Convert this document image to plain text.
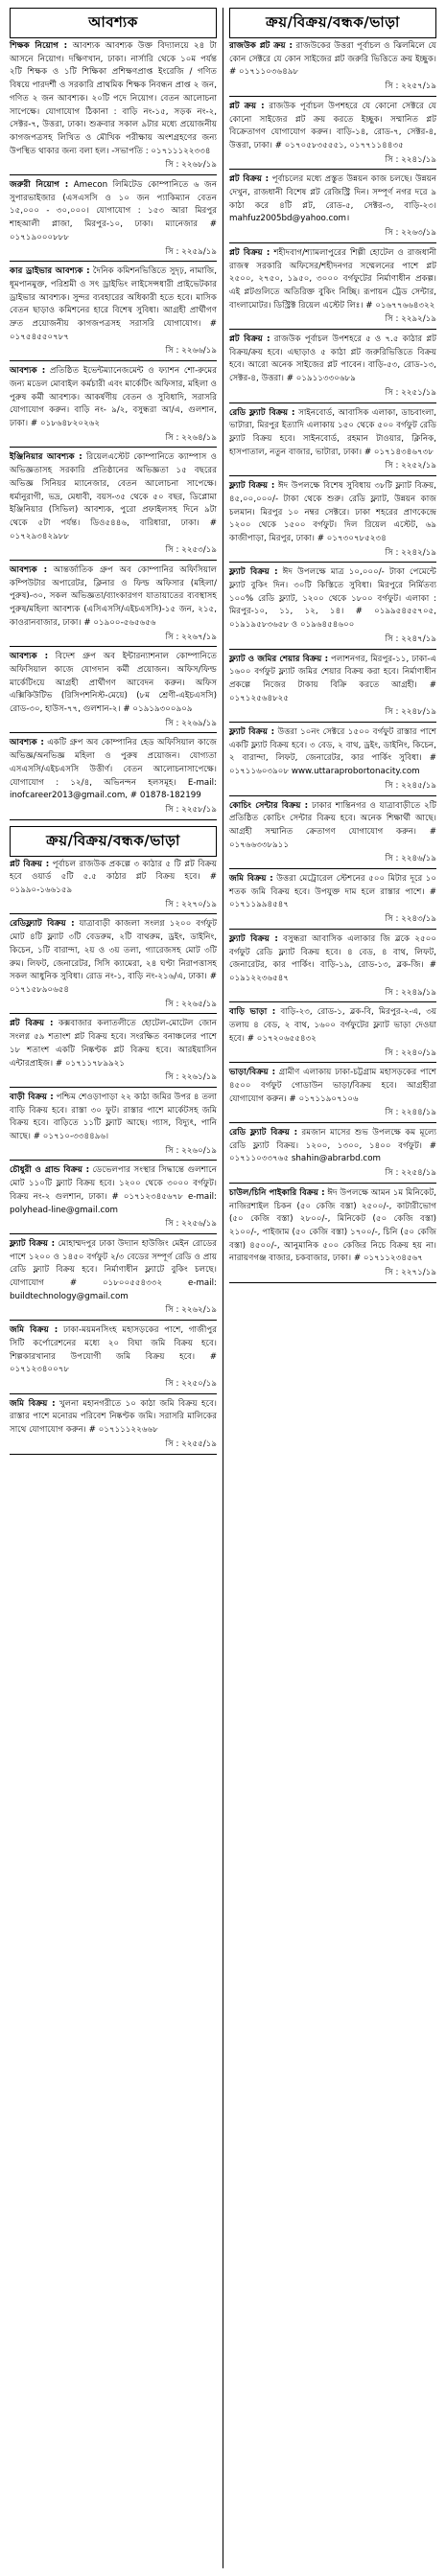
আবশ্যক
শিক্ষক নিয়োগ : আবশ্যক আবশ্যক উক্ত বিদ্যালয়ে ২৪ টা আসনে নিয়োগ। দক্ষিণখান, ঢাকা। নার্সারি থেকে ১০ম পর্যন্ত ২টি শিক্ষক ও ১টি শিক্ষিকা প্রশিক্ষণপ্রাপ্ত ইংরেজি / গণিত বিষয়ে পারদর্শী ও সরকারি প্রাথমিক শিক্ষক নিবন্ধন প্রাপ্ত ২ জন, গণিত ২ জন আবশ্যক। ২০টি পদে নিয়োগ। বেতন আলোচনা সাপেক্ষে। যোগাযোগ ঠিকানা : বাড়ি নং-১৫, সড়ক নং-২, সেক্টর-৭, উত্তরা, ঢাকা। শুক্রবার সকাল ৯টার মধ্যে প্রয়োজনীয় কাগজপত্রসহ লিখিত ও মৌখিক পরীক্ষায় অংশগ্রহণের জন্য উপস্থিত থাকার জন্য বলা হল। -সভাপতি : ০১৭১১১২২৩৩৪
সি : ২২৬৮/১৯
জরুরী নিয়োগ : Amecon লিমিটেড কোম্পানিতে ৬ জন সুপারভাইজার (এসএসসি ও ১০ জন প্যাকিম্যান বেতন ১৫,০০০ - ৩০,০০০। যোগাযোগ : ১৫৩ আরা মিরপুর শাহআলী প্লাজা, মিরপুর-১০, ঢাকা। ম্যানেজার # ০১৭১৯০০০৮৮৮
সি : ২২৫৯/১৯
কার ড্রাইভার আবশ্যক : দৈনিক কমিশনভিত্তিতে সুদৃঢ়, নামাজি, ধূমপানমুক্ত, পরিশ্রমী ও সৎ ড্রাইভিং লাইসেন্সধারী প্রাইভেটকার ড্রাইভার আবশ্যক। সুন্দর ব্যবহারের অধিকারী হতে হবে। মাসিক বেতন ছাড়াও কমিশনের হারে বিশেষ সুবিধা। আগ্রহী প্রার্থীগণ দ্রুত প্রয়োজনীয় কাগজপত্রসহ সরাসরি যোগাযোগ। # ০১৭৫৪৫৫০৭৮৭
সি : ২২৬৬/১৯
আবশ্যক : প্রতিষ্ঠিত ইভেন্টম্যানেজমেন্ট ও ফ্যাশন শো-রুমের জন্য মডেল মোবাইল কর্মচারী এবং মার্কেটিং অফিসার, মহিলা ও পুরুষ কর্মী আবশ্যক। আকর্ষণীয় বেতন ও সুবিধাদি, সরাসরি যোগাযোগ করুন। বাড়ি নং- ৯/২, বসুন্ধরা আ/এ, গুলশান, ঢাকা। # ০১৮৬৪৮২০২৬২
সি : ২২৬৪/১৯
ইঞ্জিনিয়ার আবশ্যক : রিয়েলএস্টেট কোম্পানিতে ক্যাম্পাস ও অভিজ্ঞতাসহ সরকারি প্রতিষ্ঠানের অভিজ্ঞতা ১৫ বছরের অভিজ্ঞ সিনিয়র ম্যানেজার, বেতন আলোচনা সাপেক্ষে। ধর্মানুরাগী, ভদ্র, মেধাবী, বয়স-৩৫ থেকে ৫০ বছর, ডিপ্লোমা ইঞ্জিনিয়ার (সিভিল) আবশ্যক, পুরো প্রফাইলসহ দিনে ৯টা থেকে ৫টা পর্যন্ত। ডিও৫৪৪৬, বারিধারা, ঢাকা। # ০১৭২৯৩৪২৯৮৮
সি : ২২৫৩/১৯
আবশ্যক : আন্তর্জাতিক গ্রুপ অব কোম্পানির অফিসিয়াল কম্পিউটার অপারেটর, ক্লিনার ও ফিল্ড অফিসার (মহিলা/পুরুষ)-৩০, সকল অভিজ্ঞতা/ব্যাংকারগণ যাতায়াতের ব্যবস্থাসহ পুরুষ/মহিলা আবশ্যক (এসিএসসি/এইচএসসি)-১৫ জন, ২১৫, কাওরানবাজার, ঢাকা। # ০১৯০০-৫৬৫৬৫৬
সি : ২২৬৭/১৯
আবশ্যক : বিদেশ গ্রুপ অব ইন্টারন্যাশনাল কোম্পানিতে অফিসিয়াল কাজে যোগদান কর্মী প্রয়োজন। অফিস/ফিল্ড মার্কেটিংয়ে আগ্রহী প্রার্থীগণ আবেদন করুন। অফিস এক্সিকিউটিভ (রিসিপশনিস্ট-মেয়ে) (৮ম শ্রেণী-এইচএসসি) রোড-৩০, হাউস-৭৭, গুলশান-২। # ০১৯১৯৩০০৯০৯
সি : ২২৬৯/১৯
আবশ্যক : একটি গ্রুপ অব কোম্পানির হেড অফিসিয়াল কাজে অভিজ্ঞ/অনভিজ্ঞ মহিলা ও পুরুষ প্রয়োজন। যোগ্যতা এসএসসি/এইচএসসি উত্তীর্ণ। বেতন আলোচনাসাপেক্ষে। যোগাযোগ : ১২/৪, অভিনন্দন হলসমূহ। E-mail: inofcareer2013@gmail.com, # 01878-182199
সি : ২২৫৮/১৯
ক্রয়/বিক্রয়/বন্ধক/ভাড়া
প্লট বিক্রয় : পূর্বাচল রাজউক প্রকল্পে ৩ কাঠার ৫ টি প্লট বিক্রয় হবে ওয়ার্ড ৫টি ৫.৫ কাঠার প্লট বিক্রয় হবে। # ০১৯৯০-১৬৬১৫৯
সি : ২২৭০/১৯
রেডিফ্ল্যাট বিক্রয় : যাত্রাবাড়ী কাজলা সংলগ্ন ১২০০ বর্গফুট মোট ৪টি ফ্ল্যাট ৩টি বেডরুম, ২টি বাথরুম, ড্রইং, ডাইনিং, কিচেন, ১টি বারান্দা, ২য় ও ৩য় তলা, গ্যারেজসহ মোট ৩টি রুম। লিফট, জেনারেটর, সিসি ক্যামেরা, ২৪ ঘণ্টা নিরাপত্তাসহ সকল আধুনিক সুবিধা। রোড নং-১, বাড়ি নং-২১৬/এ, ঢাকা। # ০১৭১৫৮৯০৬৫৪
সি : ২২৬৫/১৯
প্লট বিক্রয় : কক্সবাজার কলাতলীতে হোটেল-মোটেল জোন সংলগ্ন ৫৯ শতাংশ প্লট বিক্রয় হবে। সংরক্ষিত বনাঞ্চলের পাশে ১৮ শতাংশ একটি নিষ্কণ্টক প্লট বিক্রয় হবে। আরইয়াসিন এন্টারপ্রাইজ। # ০১৭১১৭৮৯৯২১
সি : ২২৬১/১৯
বাড়ী বিক্রয় : পশ্চিম শেওড়াপাড়া ২২ কাঠা জমির উপর ৪ তলা বাড়ি বিক্রয় হবে। রাস্তা ৩০ ফুট। রাস্তার পাশে মার্কেটসহ জমি বিক্রয় হবে। বাড়িতে ১১টি ফ্ল্যাট আছে। গ্যাস, বিদ্যুৎ, পানি আছে। # ০১৭১০-৩৩৪৪৯৬।
সি : ২২৬০/১৯
চৌধুরী ও গ্রান্ড বিক্রয় : ডেভেলপার সংস্থার সিদ্ধান্তে গুলশানে মোট ১১০টি ফ্ল্যাট বিক্রয় হবে। ১২০০ থেকে ৩০০০ বর্গফুট। বিক্রয় নং-২ গুলশান, ঢাকা। # ০১৭১২৩৪৫৬৭৮ e-mail: polyhead-line@gmail.com
সি : ২২৫৬/১৯
ফ্ল্যাট বিক্রয় : মোহাম্মদপুর ঢাকা উদ্যান হাউজিং মেইন রোডের পাশে ১২০০ ও ১৪৫০ বর্গফুট ২/৩ বেডের সম্পূর্ণ রেডি ও প্রায় রেডি ফ্ল্যাট বিক্রয় হবে। নির্মাণাধীন ফ্ল্যাটে বুকিং চলছে। যোগাযোগ # ০১৮০০৫৫৪৩৩২ e-mail: buildtechnology@gmail.com
সি : ২২৬২/১৯
জমি বিক্রয় : ঢাকা-ময়মনসিংহ মহাসড়কের পাশে, গাজীপুর সিটি কর্পোরেশনের মধ্যে ২০ বিঘা জমি বিক্রয় হবে। শিল্পকারখানার উপযোগী জমি বিক্রয় হবে। # ০১৭১২৩৪০০৭৮
সি : ২২৫০/১৯
জমি বিক্রয় : খুলনা মহানগরীতে ১০ কাঠা জমি বিক্রয় হবে। রাস্তার পাশে মনোরম পরিবেশ নিষ্কণ্টক জমি। সরাসরি মালিকের সাথে যোগাযোগ করুন। # ০১৭১১১২২৬৬৮
সি : ২২৫৫/১৯
ক্রয়/বিক্রয়/বন্ধক/ভাড়া
রাজউক প্লট ক্রয় : রাজউকের উত্তরা পূর্বাচল ও ঝিলমিলে যে কোন সেক্টরে যে কোন সাইজের প্লট জরুরি ভিত্তিতে ক্রয় ইচ্ছুক। # ০১৭১১০৩৬৪৯৮
সি : ২২৫৭/১৯
প্লট ক্রয় : রাজউক পূর্বাচল উপশহরে যে কোনো সেক্টরে যে কোনো সাইজের প্লট ক্রয় করতে ইচ্ছুক। সম্মানিত প্লট বিক্রেতাগণ যোগাযোগ করুন। বাড়ি-১৪, রোড-৭, সেক্টর-৪, উত্তরা, ঢাকা। # ০১৭০৫৮৩৫৫৫১, ০১৭৭১১৪৪৩৫
সি : ২২৪১/১৯
প্লট বিক্রয় : পূর্বাচলের মধ্যে প্রস্তুত উন্নয়ন কাজ চলছে। উন্নয়ন দেখুন, রাজধানী বিশেষ প্লট রেজিস্ট্রি দিন। সম্পূর্ণ নগর দরে ৯ কাঠা করে ৪টি প্লট, রোড-৫, সেক্টর-৩, বাড়ি-২৩। mahfuz2005bd@yahoo.com।
সি : ২২৬৩/১৯
প্লট বিক্রয় : শহীদবাগ/শ্যামলাপুরের শিল্পী হোটেল ও রাজধানী রাজস্ব সরকারি অফিসের/শহীদনগর সম্মেলনের পাশে প্লট ২৫০০, ২৭৫০, ১৯৫০, ৩০০০ বর্গফুটের নির্মাণাধীন প্রকল্প। এই প্লটগুলিতে অতিরিক্ত বুকিং নিচ্ছি। রূপায়ন ট্রেড সেন্টার, বাংলামোটর। ডিস্ট্রিক্ট রিয়েল এস্টেট লিঃ। # ০১৬৭৭৬৬৪৩২২
সি : ২২৯২/১৯
প্লট বিক্রয় : রাজউক পূর্বাচল উপশহরে ৫ ও ৭.৫ কাঠার প্লট বিক্রয়/ক্রয় হবে। এছাড়াও ৫ কাঠা প্লট জরুরিভিত্তিতে বিক্রয় হবে। আরো অনেক সাইজের প্লট পাবেন। বাড়ি-৫৩, রোড-১৩, সেক্টর-৪, উত্তরা। # ০১৯১১৩৩০৬৮৯
সি : ২২৫১/১৯
রেডি ফ্ল্যাট বিক্রয় : সাইনবোর্ড, আবাসিক এলাকা, ডাচবাংলা, ভাটারা, মিরপুর ইত্যাদি এলাকায় ১৫০ থেকে ৫০০ বর্গফুট রেডি ফ্ল্যাট বিক্রয় হবে। সাইনবোর্ড, রহমান টাওয়ার, ক্লিনিক, হাসপাতাল, নতুন বাজার, ভাটারা, ঢাকা। # ০১৭১৪৩৪৬৭৩৮
সি : ২২৫২/১৯
ফ্ল্যাট বিক্রয় : ঈদ উপলক্ষে বিশেষ সুবিধায় ৩৮টি ফ্ল্যাট বিক্রয়, ৪৫,০০,০০০/- টাকা থেকে শুরু। রেডি ফ্ল্যাট, উন্নয়ন কাজ চলমান। মিরপুর ১০ নম্বর সেক্টরে। ঢাকা শহরের প্রাণকেন্দ্রে ১২০০ থেকে ১৫০০ বর্গফুট। দিল রিয়েল এস্টেট, ৬৯ কাজীপাড়া, মিরপুর, ঢাকা। # ০১৭৩০৭৮৫২৩৪
সি : ২২৪২/১৯
ফ্ল্যাট বিক্রয় : ঈদ উপলক্ষে মাত্র ১০,০০০/- টাকা পেমেন্টে ফ্ল্যাট বুকিং দিন। ৩০টি কিস্তিতে সুবিধা। মিরপুরে নির্মিতব্য ১০০% রেডি ফ্ল্যাট, ১২০০ থেকে ১৮০০ বর্গফুট। এলাকা : মিরপুর-১০, ১১, ১২, ১৪। # ০১৯৯৫৪৫৫৭০৫, ০১৯১৯৫৮৩৬৫৮ ও ০১৯৬৪৫৪৬০০
সি : ২২৪৭/১৯
ফ্ল্যাট ও জমির শেয়ার বিক্রয় : পলাশনগর, মিরপুর-১১, ঢাকা-এ ১৬০০ বর্গফুট ফ্ল্যাট জমির শেয়ার বিক্রয় করা হবে। নির্মাণাধীন প্রকল্পে নিজের টাকায় বিক্রি করতে আগ্রহী। # ০১৭১২৫৬৪৮২৫
সি : ২২৪৮/১৯
ফ্ল্যাট বিক্রয় : উত্তরা ১০নং সেক্টরে ১৫০০ বর্গফুট রাস্তার পাশে একটি ফ্ল্যাট বিক্রয় হবে। ৩ বেড, ২ বাথ, ড্রইং, ডাইনিং, কিচেন, ২ বারান্দা, লিফট, জেনারেটর, কার পার্কিং সুবিধা। # ০১৭১১৬০৩৯০৮ www.uttaraprobortonacity.com
সি : ২২৪৫/১৯
কোচিং সেন্টার বিক্রয় : ঢাকার শান্তিনগর ও যাত্রাবাড়ীতে ২টি প্রতিষ্ঠিত কোচিং সেন্টার বিক্রয় হবে। অনেক শিক্ষার্থী আছে। আগ্রহী সম্মানিত ক্রেতাগণ যোগাযোগ করুন। # ০১৭৬৬৩৩৮৯১১
সি : ২২৪৬/১৯
জমি বিক্রয় : উত্তরা মেট্রোরেল স্টেশনের ৫০০ মিটার দূরে ১০ শতক জমি বিক্রয় হবে। উপযুক্ত দাম হলে রাস্তার পাশে। # ০১৭১১৯৯৪৫৪৭
সি : ২২৪৩/১৯
ফ্ল্যাট বিক্রয় : বসুন্ধরা আবাসিক এলাকার জি ব্লকে ২৫০০ বর্গফুট রেডি ফ্ল্যাট বিক্রয় হবে। ৪ বেড, ৪ বাথ, লিফট, জেনারেটর, কার পার্কিং। বাড়ি-১৯, রোড-১৩, ব্লক-জি। # ০১৯১২২৩৬৫৪৭
সি : ২২৪৯/১৯
বাড়ি ভাড়া : বাড়ি-২৩, রোড-১, ব্লক-বি, মিরপুর-২-এ, ৩য় তলায় ৪ বেড, ২ বাথ, ১৬০০ বর্গফুটের ফ্ল্যাট ভাড়া দেওয়া হবে। # ০১৭২০৬৫৫৪৩২
সি : ২২৪০/১৯
ভাড়া/বিক্রয় : গ্রামীণ এলাকায় ঢাকা-চট্টগ্রাম মহাসড়কের পাশে ৪৫০০ বর্গফুট গোডাউন ভাড়া/বিক্রয় হবে। আগ্রহীরা যোগাযোগ করুন। # ০১৭১১৯০৭১০৬
সি : ২২৪৪/১৯
রেডি ফ্ল্যাট বিক্রয় : রমজান মাসের শুভ উপলক্ষে কম মূল্যে রেডি ফ্ল্যাট বিক্রয়। ১২০০, ১৩০০, ১৪০০ বর্গফুট। # ০১৭১১০৩৩৭৬৫ shahin@abrarbd.com
সি : ২২৫৪/১৯
চাউল/চিনি পাইকারি বিক্রয় : ঈদ উপলক্ষে আমন ১ম মিনিকেট, নাজিরশাইল চিকন (৫০ কেজি বস্তা) ২৫০০/-, কাটারীভোগ (৫০ কেজি বস্তা) ২৮০০/-, মিনিকেট (৫০ কেজি বস্তা) ২১০০/-, পাইজাম (৫০ কেজি বস্তা) ১৭০০/-, চিনি (৫০ কেজি বস্তা) ৪৫০০/-, আনুমানিক ৫০০ কেজির নিচে বিক্রয় হয় না। নারায়ণগঞ্জ বাজার, চকবাজার, ঢাকা। # ০১৭১১২৩৪৫৬৭
সি : ২২৭১/১৯
